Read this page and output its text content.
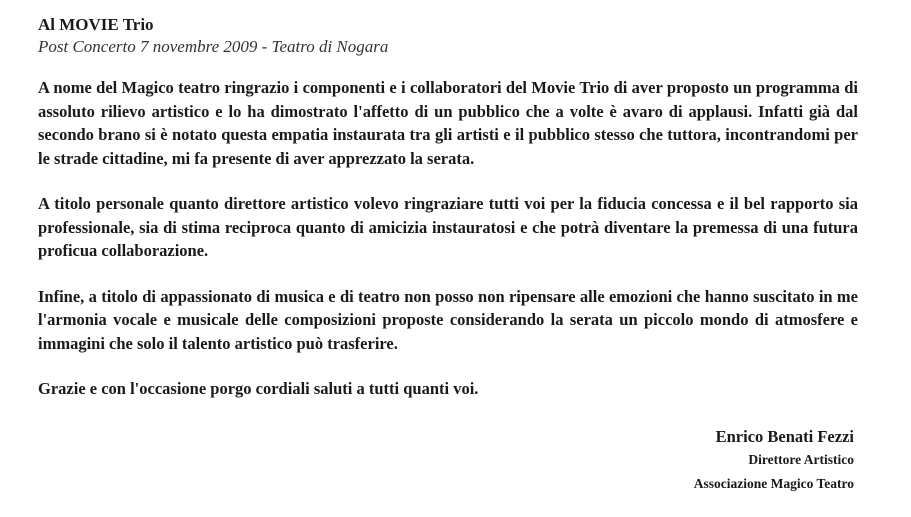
Al MOVIE Trio

Post Concerto 7 novembre 2009 - Teatro di Nogara

A nome del Magico teatro ringrazio i componenti e i collaboratori del Movie Trio di aver proposto un programma di assoluto rilievo artistico e lo ha dimostrato l'affetto di un pubblico che a volte è avaro di applausi. Infatti già dal secondo brano si è notato questa empatia instaurata tra gli artisti e il pubblico stesso che tuttora, incontrandomi per le strade cittadine, mi fa presente di aver apprezzato la serata.

A titolo personale quanto direttore artistico volevo ringraziare tutti voi per la fiducia concessa e il bel rapporto sia professionale, sia di stima reciproca quanto di amicizia instauratosi e che potrà diventare la premessa di una futura proficua collaborazione.

Infine, a titolo di appassionato di musica e di teatro non posso non ripensare alle emozioni che hanno suscitato in me l'armonia vocale e musicale delle composizioni proposte considerando la serata un piccolo mondo di atmosfere e immagini che solo il talento artistico può trasferire.

Grazie e con l'occasione porgo cordiali saluti a tutti quanti voi.

Enrico Benati Fezzi

Direttore Artistico

Associazione Magico Teatro
